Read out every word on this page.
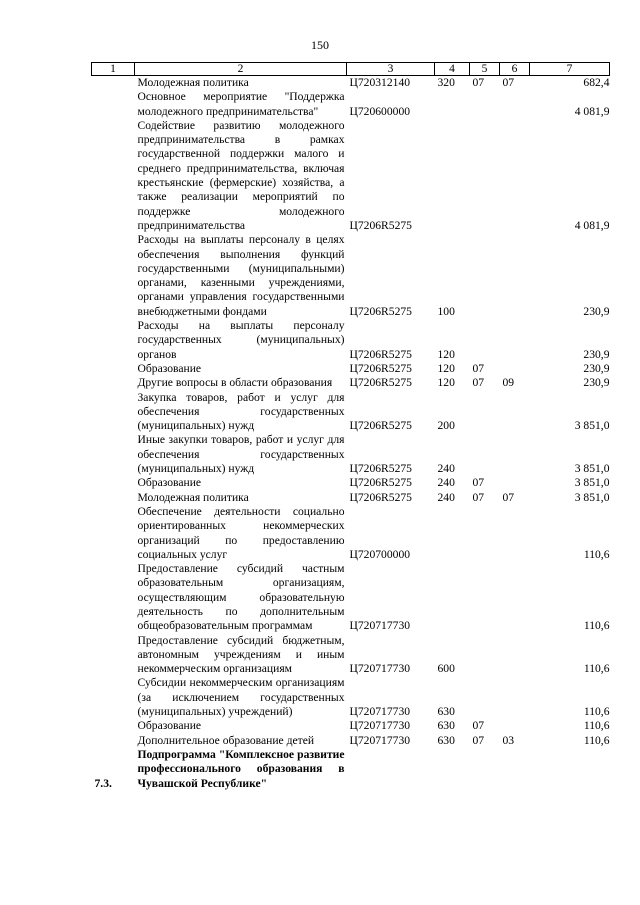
150
1	2	3	4	5	6	7
	Молодежная политика	Ц720312140	320	07	07	682,4
	Основное мероприятие "Поддержка молодежного предпринимательства"	Ц720600000				4 081,9
	Содействие развитию молодежного предпринимательства в рамках государственной поддержки малого и среднего предпринимательства, включая крестьянские (фермерские) хозяйства, а также реализации мероприятий по поддержке молодежного предпринимательства	Ц7206R5275				4 081,9
	Расходы на выплаты персоналу в целях обеспечения выполнения функций государственными (муниципальными) органами, казенными учреждениями, органами управления государственными внебюджетными фондами	Ц7206R5275	100			230,9
	Расходы на выплаты персоналу государственных (муниципальных) органов	Ц7206R5275	120			230,9
	Образование	Ц7206R5275	120	07		230,9
	Другие вопросы в области образования	Ц7206R5275	120	07	09	230,9
	Закупка товаров, работ и услуг для обеспечения государственных (муниципальных) нужд	Ц7206R5275	200			3 851,0
	Иные закупки товаров, работ и услуг для обеспечения государственных (муниципальных) нужд	Ц7206R5275	240			3 851,0
	Образование	Ц7206R5275	240	07		3 851,0
	Молодежная политика	Ц7206R5275	240	07	07	3 851,0
	Обеспечение деятельности социально ориентированных некоммерческих организаций по предоставлению социальных услуг	Ц720700000				110,6
	Предоставление субсидий частным образовательным организациям, осуществляющим образовательную деятельность по дополнительным общеобразовательным программам	Ц720717730				110,6
	Предоставление субсидий бюджетным, автономным учреждениям и иным некоммерческим организациям	Ц720717730	600			110,6
	Субсидии некоммерческим организациям (за исключением государственных (муниципальных) учреждений)	Ц720717730	630			110,6
	Образование	Ц720717730	630	07		110,6
	Дополнительное образование детей	Ц720717730	630	07	03	110,6
7.3.	Подпрограмма "Комплексное развитие профессионального образования в Чувашской Республике"					
